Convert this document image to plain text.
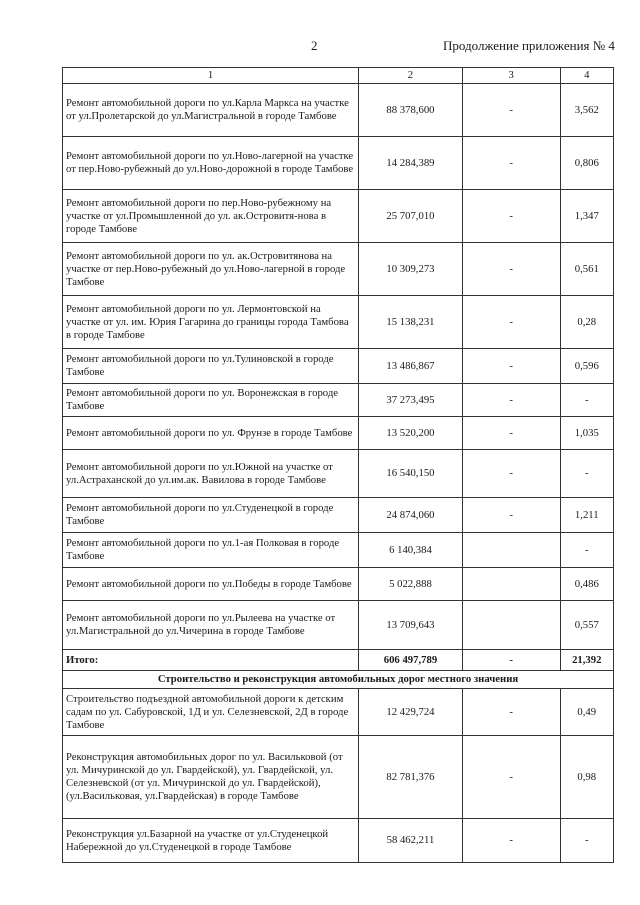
2	Продолжение приложения № 4
1	2	3	4
Ремонт автомобильной дороги по ул.Карла Маркса на участке от ул.Пролетарской до ул.Магистральной в городе Тамбове	88 378,600	-	3,562
Ремонт автомобильной дороги по ул.Ново-лагерной на участке от пер.Ново-рубежный до ул.Ново-дорожной в городе Тамбове	14 284,389	-	0,806
Ремонт автомобильной дороги по пер.Ново-рубежному на участке от ул.Промышленной до ул. ак.Островитя-нова в городе Тамбове	25 707,010	-	1,347
Ремонт автомобильной дороги по ул. ак.Островитянова на участке от пер.Ново-рубежный до ул.Ново-лагерной в городе Тамбове	10 309,273	-	0,561
Ремонт автомобильной дороги по ул. Лермонтовской на участке от ул. им. Юрия Гагарина до границы города Тамбова в городе Тамбове	15 138,231	-	0,28
Ремонт автомобильной дороги по ул.Тулиновской в городе Тамбове	13 486,867	-	0,596
Ремонт автомобильной дороги по ул. Воронежская в городе Тамбове	37 273,495	-	-
Ремонт автомобильной дороги по ул. Фрунзе в городе Тамбове	13 520,200	-	1,035
Ремонт автомобильной дороги по ул.Южной на участке от ул.Астраханской до ул.им.ак. Вавилова в городе Тамбове	16 540,150	-	-
Ремонт автомобильной дороги по ул.Студенецкой в городе Тамбове	24 874,060	-	1,211
Ремонт автомобильной дороги по ул.1-ая Полковая в городе Тамбове	6 140,384		-
Ремонт автомобильной дороги по ул.Победы в городе Тамбове	5 022,888		0,486
Ремонт автомобильной дороги по ул.Рылеева на участке от ул.Магистральной до ул.Чичерина в городе Тамбове	13 709,643		0,557
Итого:	606 497,789	-	21,392
Строительство и реконструкция автомобильных дорог местного значения			
Строительство подъездной автомобильной дороги к детским садам по ул. Сабуровской, 1Д и ул. Селезневской, 2Д в городе Тамбове	12 429,724	-	0,49
Реконструкция автомобильных дорог по ул. Васильковой (от ул. Мичуринской до ул. Гвардейской), ул. Гвардейской, ул. Селезневской (от ул. Мичуринской до ул. Гвардейской), (ул.Васильковая, ул.Гвардейская) в городе Тамбове	82 781,376	-	0,98
Реконструкция ул.Базарной на участке от ул.Студенецкой Набережной до ул.Студенецкой в городе Тамбове	58 462,211	-	-
